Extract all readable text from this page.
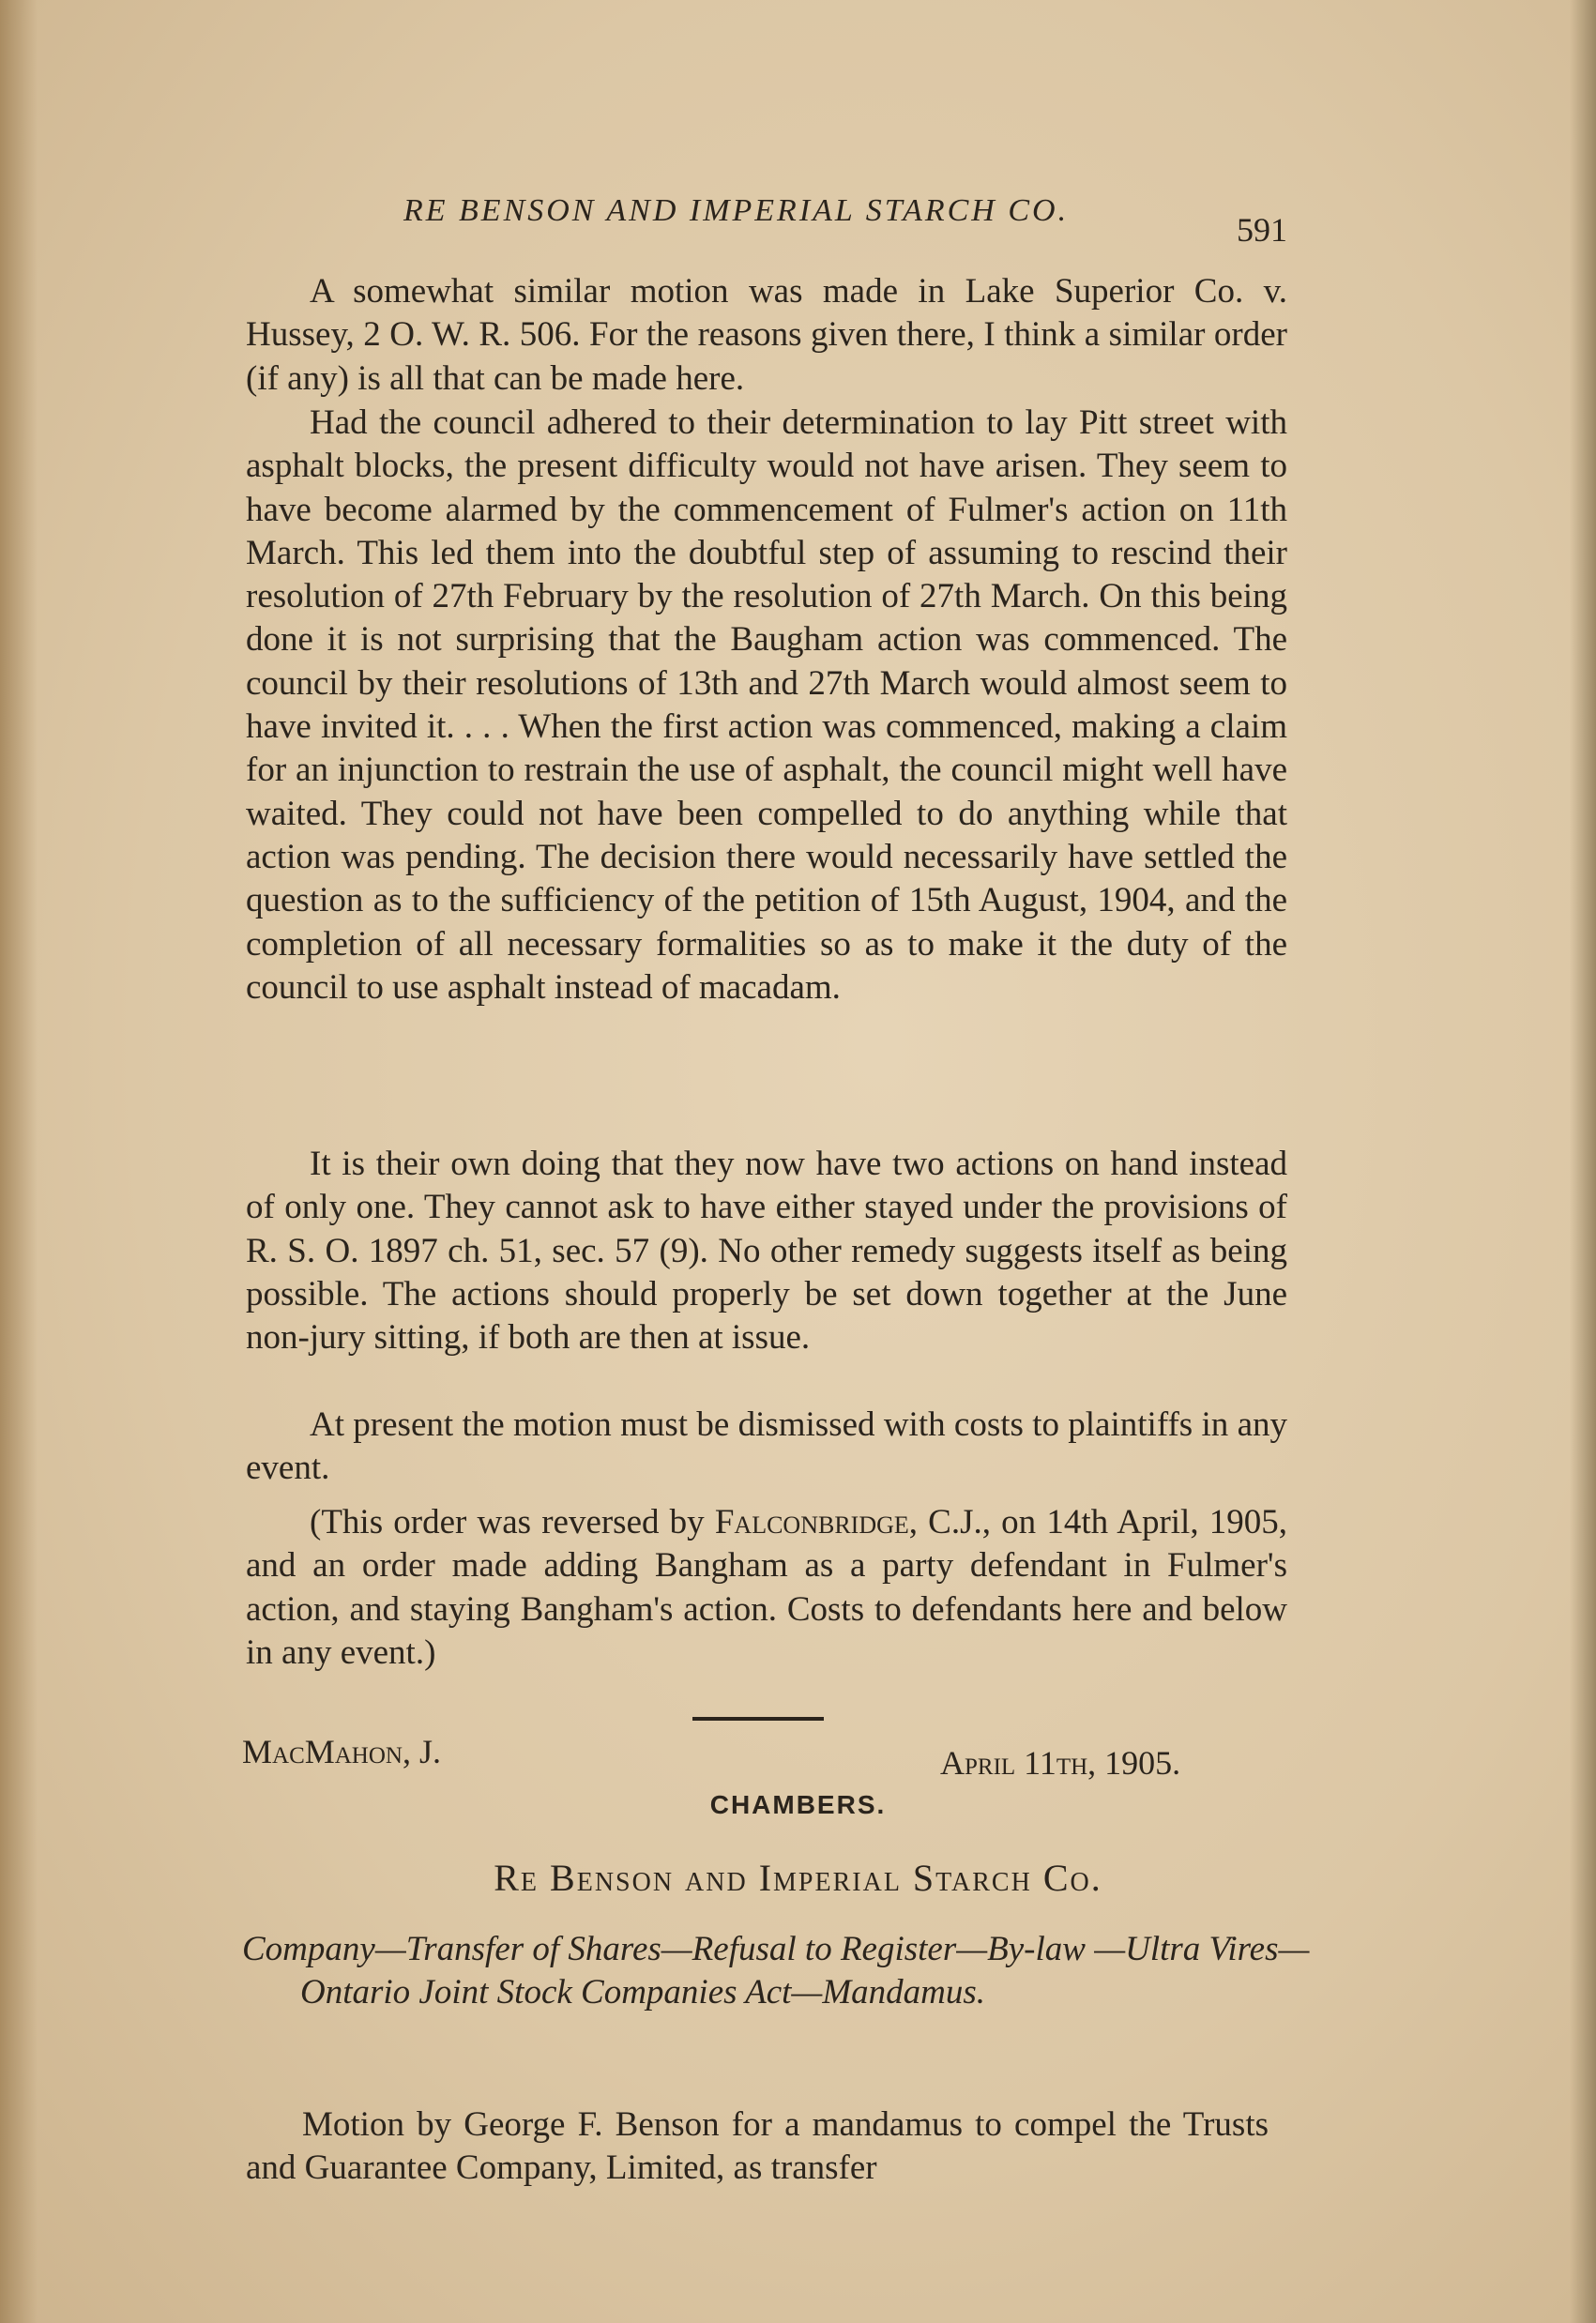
RE BENSON AND IMPERIAL STARCH CO.
591

A somewhat similar motion was made in Lake Superior Co. v. Hussey, 2 O. W. R. 506. For the reasons given there, I think a similar order (if any) is all that can be made here.

Had the council adhered to their determination to lay Pitt street with asphalt blocks, the present difficulty would not have arisen. They seem to have become alarmed by the commencement of Fulmer's action on 11th March. This led them into the doubtful step of assuming to rescind their resolution of 27th February by the resolution of 27th March. On this being done it is not surprising that the Baugham action was commenced. The council by their resolutions of 13th and 27th March would almost seem to have invited it. . . . When the first action was commenced, making a claim for an injunction to restrain the use of asphalt, the council might well have waited. They could not have been compelled to do anything while that action was pending. The decision there would necessarily have settled the question as to the sufficiency of the petition of 15th August, 1904, and the completion of all necessary formalities so as to make it the duty of the council to use asphalt instead of macadam.

It is their own doing that they now have two actions on hand instead of only one. They cannot ask to have either stayed under the provisions of R. S. O. 1897 ch. 51, sec. 57 (9). No other remedy suggests itself as being possible. The actions should properly be set down together at the June non-jury sitting, if both are then at issue.

At present the motion must be dismissed with costs to plaintiffs in any event.

(This order was reversed by Falconbridge, C.J., on 14th April, 1905, and an order made adding Bangham as a party defendant in Fulmer's action, and staying Bangham's action. Costs to defendants here and below in any event.)

MacMahon, J.	April 11th, 1905.
CHAMBERS.
Re Benson and Imperial Starch Co.

Company—Transfer of Shares—Refusal to Register—By-law —Ultra Vires—Ontario Joint Stock Companies Act—Mandamus.

Motion by George F. Benson for a mandamus to compel the Trusts and Guarantee Company, Limited, as transfer
